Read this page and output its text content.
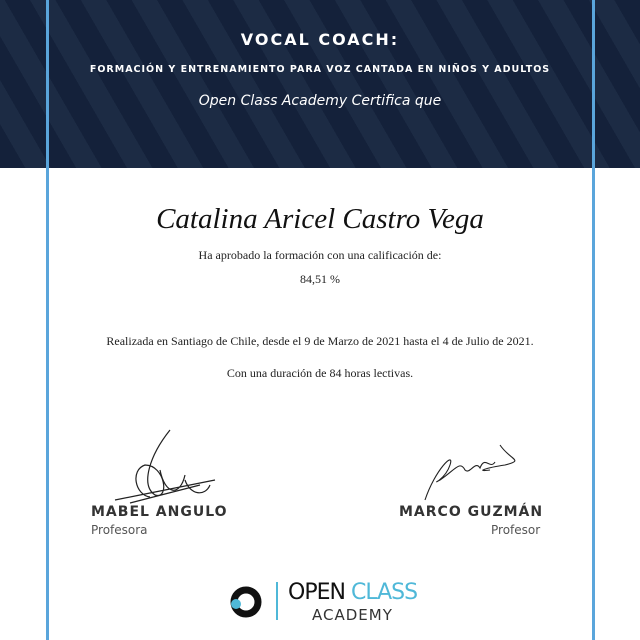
VOCAL COACH:
FORMACIÓN Y ENTRENAMIENTO PARA VOZ CANTADA EN NIÑOS Y ADULTOS
Open Class Academy Certifica que
Catalina Aricel Castro Vega
Ha aprobado la formación con una calificación de:
84,51 %
Realizada en Santiago de Chile, desde el 9 de Marzo de 2021 hasta el 4 de Julio de 2021.
Con una duración de 84 horas lectivas.
MABEL ANGULO
Profesora
MARCO GUZMÁN
Profesor
OPEN CLASS
ACADEMY
